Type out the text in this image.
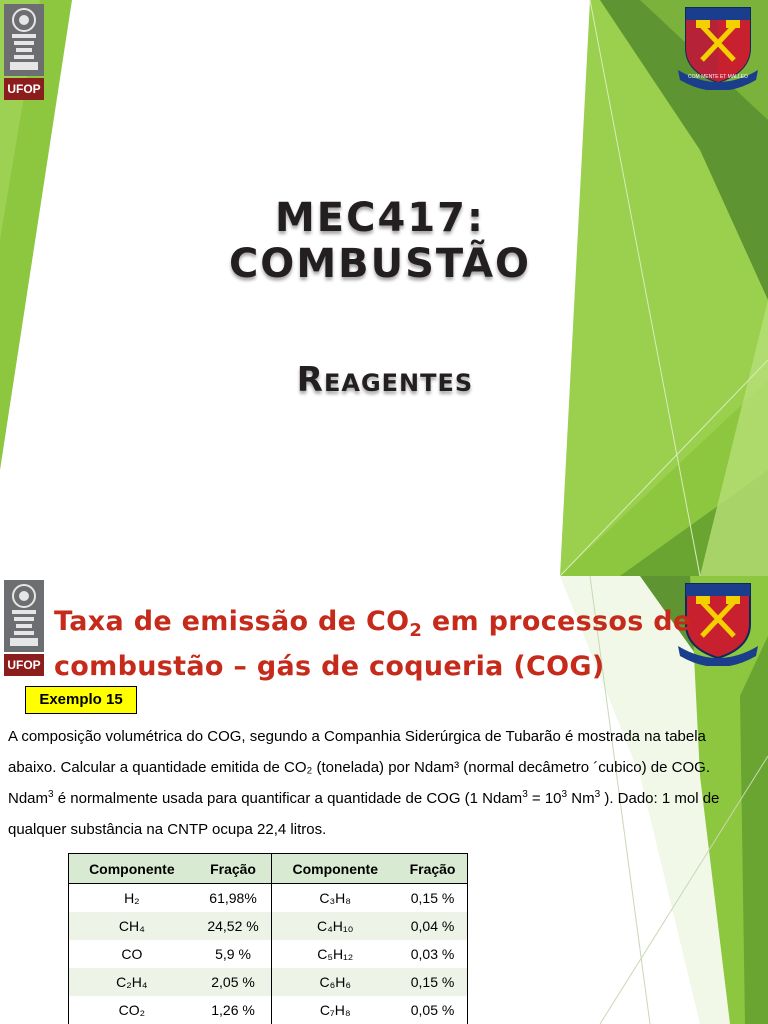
UFOP
COM MENTE ET MALLEO
MEC417: COMBUSTÃO
Reagentes
UFOP
Taxa de emissão de $CO_2$ em processos de combustão – gás de coqueria (COG)
Exemplo 15
A composição volumétrica do COG, segundo a Companhia Siderúrgica de Tubarão é mostrada na tabela abaixo. Calcular a quantidade emitida de CO₂ (tonelada) por Ndam³ (normal decâmetro ´cubico) de COG. Ndam$^3$ é normalmente usada para quantificar a quantidade de COG (1 Ndam$^3$ = $10^3$ Nm$^3$ ). Dado: 1 mol de qualquer substância na CNTP ocupa 22,4 litros.
Componente	Fração	Componente	Fração
H₂	61,98%	C₃H₈	0,15 %
CH₄	24,52 %	C₄H₁₀	0,04 %
CO	5,9 %	C₅H₁₂	0,03 %
C₂H₄	2,05 %	C₆H₆	0,15 %
CO₂	1,26 %	C₇H₈	0,05 %
